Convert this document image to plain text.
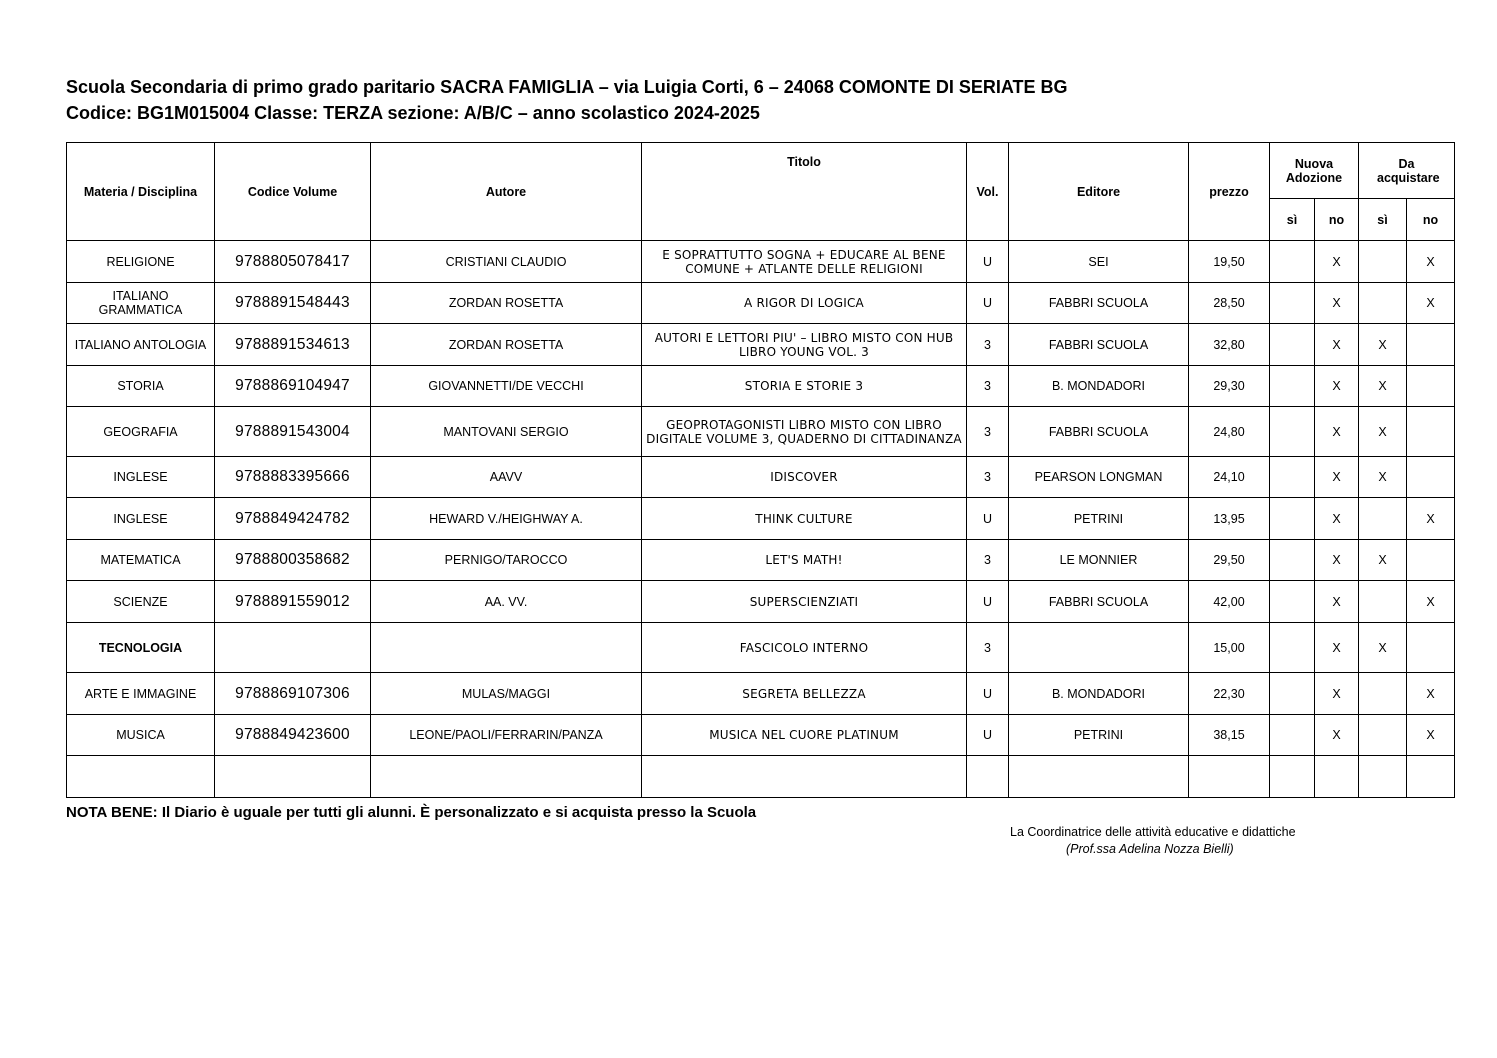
Scuola Secondaria di primo grado paritario SACRA FAMIGLIA – via Luigia Corti, 6 – 24068 COMONTE DI SERIATE BG
Codice: BG1M015004 Classe: TERZA sezione: A/B/C – anno scolastico 2024-2025
Materia / Disciplina	Codice Volume	Autore	Titolo	Vol.	Editore	prezzo	Nuova Adozione		Da acquistare	
							sì	no	sì	no
RELIGIONE	9788805078417	CRISTIANI CLAUDIO	E SOPRATTUTTO SOGNA + EDUCARE AL BENE COMUNE + ATLANTE DELLE RELIGIONI	U	SEI	19,50		X		X
ITALIANO GRAMMATICA	9788891548443	ZORDAN ROSETTA	A RIGOR DI LOGICA	U	FABBRI SCUOLA	28,50		X		X
ITALIANO ANTOLOGIA	9788891534613	ZORDAN ROSETTA	AUTORI E LETTORI PIU' – LIBRO MISTO CON HUB LIBRO YOUNG VOL. 3	3	FABBRI SCUOLA	32,80		X	X	
STORIA	9788869104947	GIOVANNETTI/DE VECCHI	STORIA E STORIE 3	3	B. MONDADORI	29,30		X	X	
GEOGRAFIA	9788891543004	MANTOVANI SERGIO	GEOPROTAGONISTI LIBRO MISTO CON LIBRO DIGITALE VOLUME 3, QUADERNO DI CITTADINANZA	3	FABBRI SCUOLA	24,80		X	X	
INGLESE	9788883395666	AAVV	IDISCOVER	3	PEARSON LONGMAN	24,10		X	X	
INGLESE	9788849424782	HEWARD V./HEIGHWAY A.	THINK CULTURE	U	PETRINI	13,95		X		X
MATEMATICA	9788800358682	PERNIGO/TAROCCO	LET'S MATH!	3	LE MONNIER	29,50		X	X	
SCIENZE	9788891559012	AA. VV.	SUPERSCIENZIATI	U	FABBRI SCUOLA	42,00		X		X
TECNOLOGIA			FASCICOLO INTERNO	3		15,00		X	X	
ARTE E IMMAGINE	9788869107306	MULAS/MAGGI	SEGRETA BELLEZZA	U	B. MONDADORI	22,30		X		X
MUSICA	9788849423600	LEONE/PAOLI/FERRARIN/PANZA	MUSICA NEL CUORE PLATINUM	U	PETRINI	38,15		X		X

NOTA BENE: Il Diario è uguale per tutti gli alunni. È personalizzato e si acquista presso la Scuola
La Coordinatrice delle attività educative e didattiche
(Prof.ssa Adelina Nozza Bielli)
